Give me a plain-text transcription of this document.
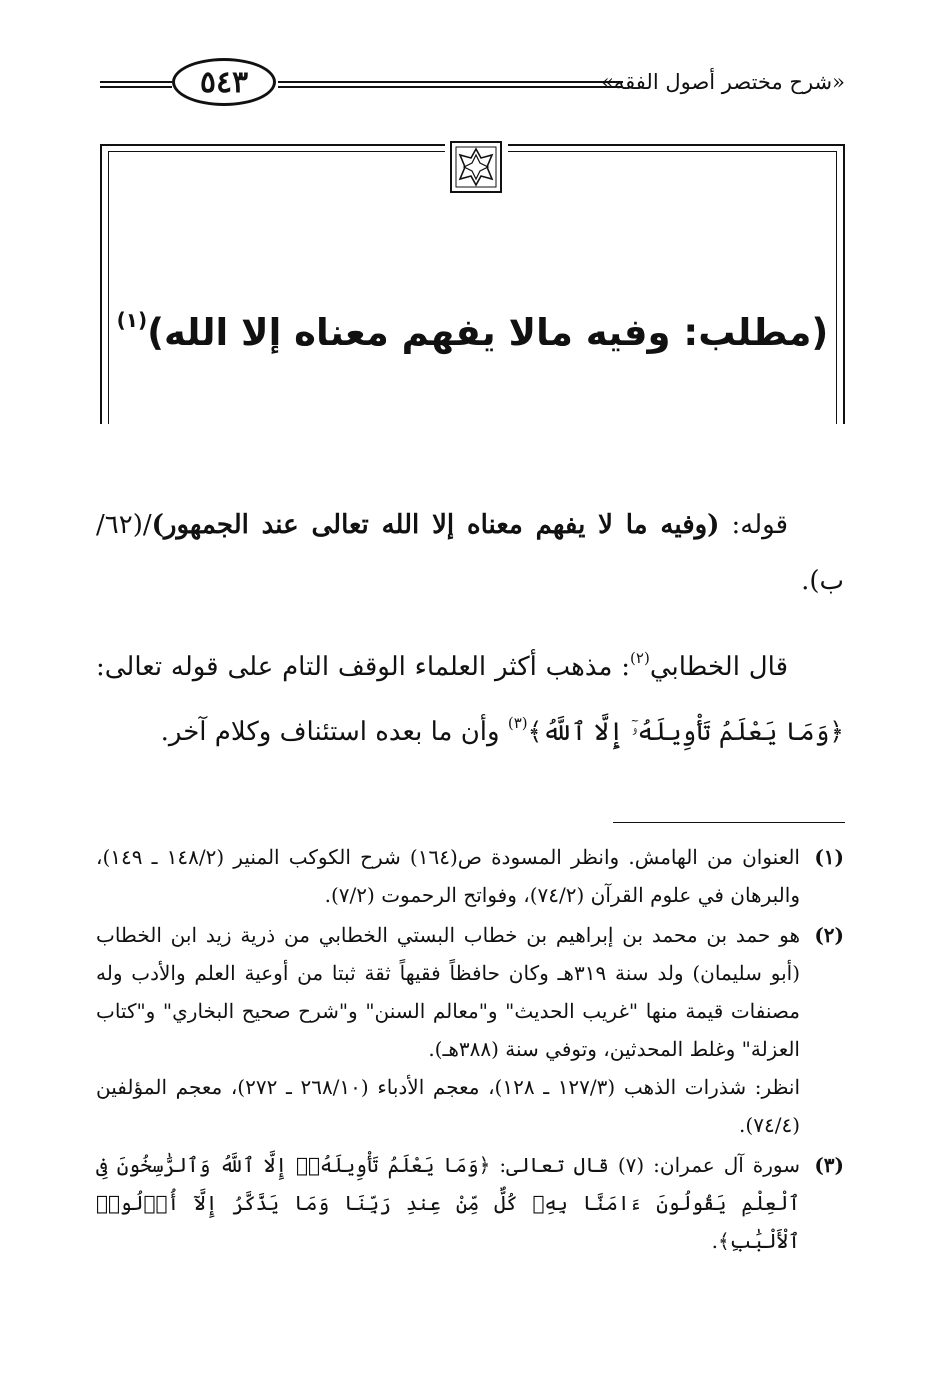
«شرح مختصر أصول الفقه»
٥٤٣
(مطلب: وفيه مالا يفهم معناه إلا الله)$^{(١)}$
قوله: (وفيه ما لا يفهم معناه إلا الله تعالى عند الجمهور)/(٦٢/ب).
قال الخطابي$^{(٢)}$: مذهب أكثر العلماء الوقف التام على قوله تعالى: ﴿وَمَا يَعْلَمُ تَأْوِيلَهُۥٓ إِلَّا ٱللَّهُ﴾$^{(٣)}$ وأن ما بعده استئناف وكلام آخر.
(١)

العنوان من الهامش. وانظر المسودة ص(١٦٤) شرح الكوكب المنير (١٤٨/٢ ـ ١٤٩)، والبرهان في علوم القرآن (٧٤/٢)، وفواتح الرحموت (٧/٢).

(٢)

هو حمد بن محمد بن إبراهيم بن خطاب البستي الخطابي من ذرية زيد ابن الخطاب (أبو سليمان) ولد سنة ٣١٩هـ وكان حافظاً فقيهاً ثقة ثبتا من أوعية العلم والأدب وله مصنفات قيمة منها "غريب الحديث" و"معالم السنن" و"شرح صحيح البخاري" و"كتاب العزلة" وغلط المحدثين، وتوفي سنة (٣٨٨هـ).

انظر: شذرات الذهب (١٢٧/٣ ـ ١٢٨)، معجم الأدباء (٢٦٨/١٠ ـ ٢٧٢)، معجم المؤلفين (٧٤/٤).

(٣)

سورة آل عمران: (٧) قال تعالى: ﴿وَمَا يَعْلَمُ تَأْوِيلَهُۥٓ إِلَّا ٱللَّهُ وَٱلرَّٰسِخُونَ فِى ٱلْعِلْمِ يَقُولُونَ ءَامَنَّا بِهِۦ كُلٌّ مِّنْ عِندِ رَبِّنَا وَمَا يَذَّكَّرُ إِلَّآ أُو۟لُوا۟ ٱلْأَلْبَٰبِ﴾.
